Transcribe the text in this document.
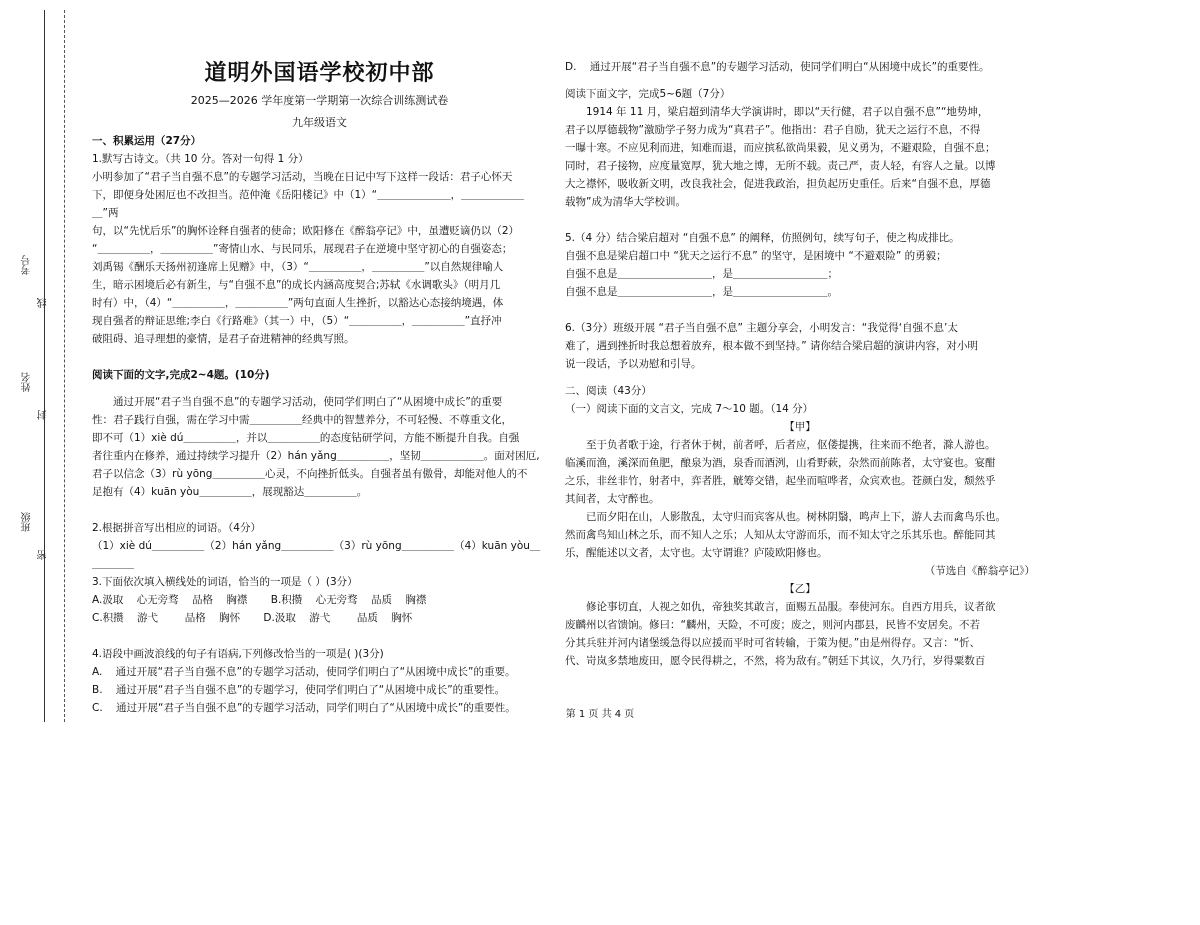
考号
线
姓名
封
班级
密
道明外国语学校初中部
2025—2026 学年度第一学期第一次综合训练测试卷
九年级语文
一、积累运用（27分）
1.默写古诗文。（共 10 分。答对一句得 1 分）
小明参加了“君子当自强不息”的专题学习活动，当晚在日记中写下这样一段话：君子心怀天
下，即便身处困厄也不改担当。范仲淹《岳阳楼记》中（1）“＿＿＿＿＿＿＿，＿＿＿＿＿＿＿”两
句，以“先忧后乐”的胸怀诠释自强者的使命；欧阳修在《醉翁亭记》中，虽遭贬谪仍以（2）
“＿＿＿＿＿，＿＿＿＿＿”寄情山水、与民同乐，展现君子在逆境中坚守初心的自强姿态；
刘禹锡《酬乐天扬州初逢席上见赠》中，（3）“＿＿＿＿＿，＿＿＿＿＿”以自然规律喻人
生，暗示困境后必有新生，与“自强不息”的成长内涵高度契合;苏轼《水调歌头》（明月几
时有）中，（4）“＿＿＿＿＿，＿＿＿＿＿”两句直面人生挫折，以豁达心态接纳境遇，体
现自强者的辩证思维;李白《行路难》（其一）中，（5）“＿＿＿＿＿，＿＿＿＿＿”直抒冲
破阻碍、追寻理想的豪情，是君子奋进精神的经典写照。
阅读下面的文字,完成2~4题。(10分)
通过开展“君子当自强不息”的专题学习活动，使同学们明白了“从困境中成长”的重要
性：君子践行自强，需在学习中需＿＿＿＿＿经典中的智慧养分，不可轻慢、不尊重文化，
即不可（1）xiè dú＿＿＿＿＿，并以＿＿＿＿＿的态度钻研学问，方能不断提升自我。自强
者往重内在修养，通过持续学习提升（2）hán yǎng＿＿＿＿＿，坚韧＿＿＿＿＿＿。面对困厄,
君子以信念（3）rù yōng＿＿＿＿＿心灵，不向挫折低头。自强者虽有傲骨，却能对他人的不
足抱有（4）kuān yòu＿＿＿＿＿，展现豁达＿＿＿＿＿。
2.根据拼音写出相应的词语。（4分）
（1）xiè dú＿＿＿＿＿（2）hán yǎng＿＿＿＿＿（3）rù yōng＿＿＿＿＿（4）kuān yòu＿＿＿＿＿
3.下面依次填入横线处的词语，恰当的一项是（ ）(3分）
A.汲取    心无旁骛    品格    胸襟       B.积攒    心无旁骛    品质    胸襟
C.积攒    游弋        品格    胸怀       D.汲取    游弋        品质    胸怀
4.语段中画波浪线的句子有语病,下列修改恰当的一项是( )(3分)
A.    通过开展“君子当自强不息”的专题学习活动，使同学们明白了“从困境中成长”的重要。
B.    通过开展“君子当自强不息”的专题学习，使同学们明白了“从困境中成长”的重要性。
C.    通过开展“君子当自强不息”的专题学习活动，同学们明白了“从困境中成长”的重要性。
D.    通过开展“君子当自强不息”的专题学习活动，使同学们明白“从困境中成长”的重要性。
阅读下面文字，完成5~6题（7分）
1914 年 11 月，梁启超到清华大学演讲时，即以“天行健，君子以自强不息”“地势坤，
君子以厚德载物”激励学子努力成为“真君子”。他指出：君子自励，犹天之运行不息，不得
一曝十寒。不应见利而进，知难而退，而应摈私欲尚果毅，见义勇为，不避艰险，自强不息；
同时，君子接物，应度量宽厚，犹大地之博，无所不载。责己严，责人轻，有容人之量。以博
大之襟怀，吸收新文明，改良我社会，促进我政治，担负起历史重任。后来“自强不息，厚德
载物”成为清华大学校训。
5.（4 分）结合梁启超对 “自强不息” 的阐释，仿照例句，续写句子，使之构成排比。
自强不息是梁启超口中 “犹天之运行不息” 的坚守，是困境中 “不避艰险” 的勇毅；
自强不息是＿＿＿＿＿＿＿＿＿，是＿＿＿＿＿＿＿＿＿；
自强不息是＿＿＿＿＿＿＿＿＿，是＿＿＿＿＿＿＿＿＿。
6.（3分）班级开展 “君子当自强不息” 主题分享会，小明发言：“我觉得‘自强不息’太
难了，遇到挫折时我总想着放弃，根本做不到坚持。” 请你结合梁启超的演讲内容，对小明
说一段话，予以劝慰和引导。
二、阅读（43分）
（一）阅读下面的文言文，完成 7～10 题。（14 分）
【甲】
至于负者歌于途，行者休于树，前者呼，后者应，伛偻提携，往来而不绝者，滁人游也。
临溪而渔，溪深而鱼肥，酿泉为酒，泉香而酒洌，山肴野蔌，杂然而前陈者，太守宴也。宴酣
之乐，非丝非竹，射者中，弈者胜，觥筹交错，起坐而喧哗者，众宾欢也。苍颜白发，颓然乎
其间者，太守醉也。
已而夕阳在山，人影散乱，太守归而宾客从也。树林阴翳，鸣声上下，游人去而禽鸟乐也。
然而禽鸟知山林之乐，而不知人之乐；人知从太守游而乐，而不知太守之乐其乐也。醉能同其
乐，醒能述以文者，太守也。太守谓谁？庐陵欧阳修也。
（节选自《醉翁亭记》）
【乙】
修论事切直，人视之如仇，帝独奖其敢言，面赐五品服。奉使河东。自西方用兵，议者欲
废麟州以省馈饷。修曰：“麟州，天险，不可废；废之，则河内郡县，民皆不安居矣。不若
分其兵驻并河内诸堡缓急得以应援而平时可省转输，于策为便。”由是州得存。又言：“忻、
代、岢岚多禁地废田，愿令民得耕之，不然，将为敌有。”朝廷下其议，久乃行，岁得粟数百
第 1 页 共 4 页
